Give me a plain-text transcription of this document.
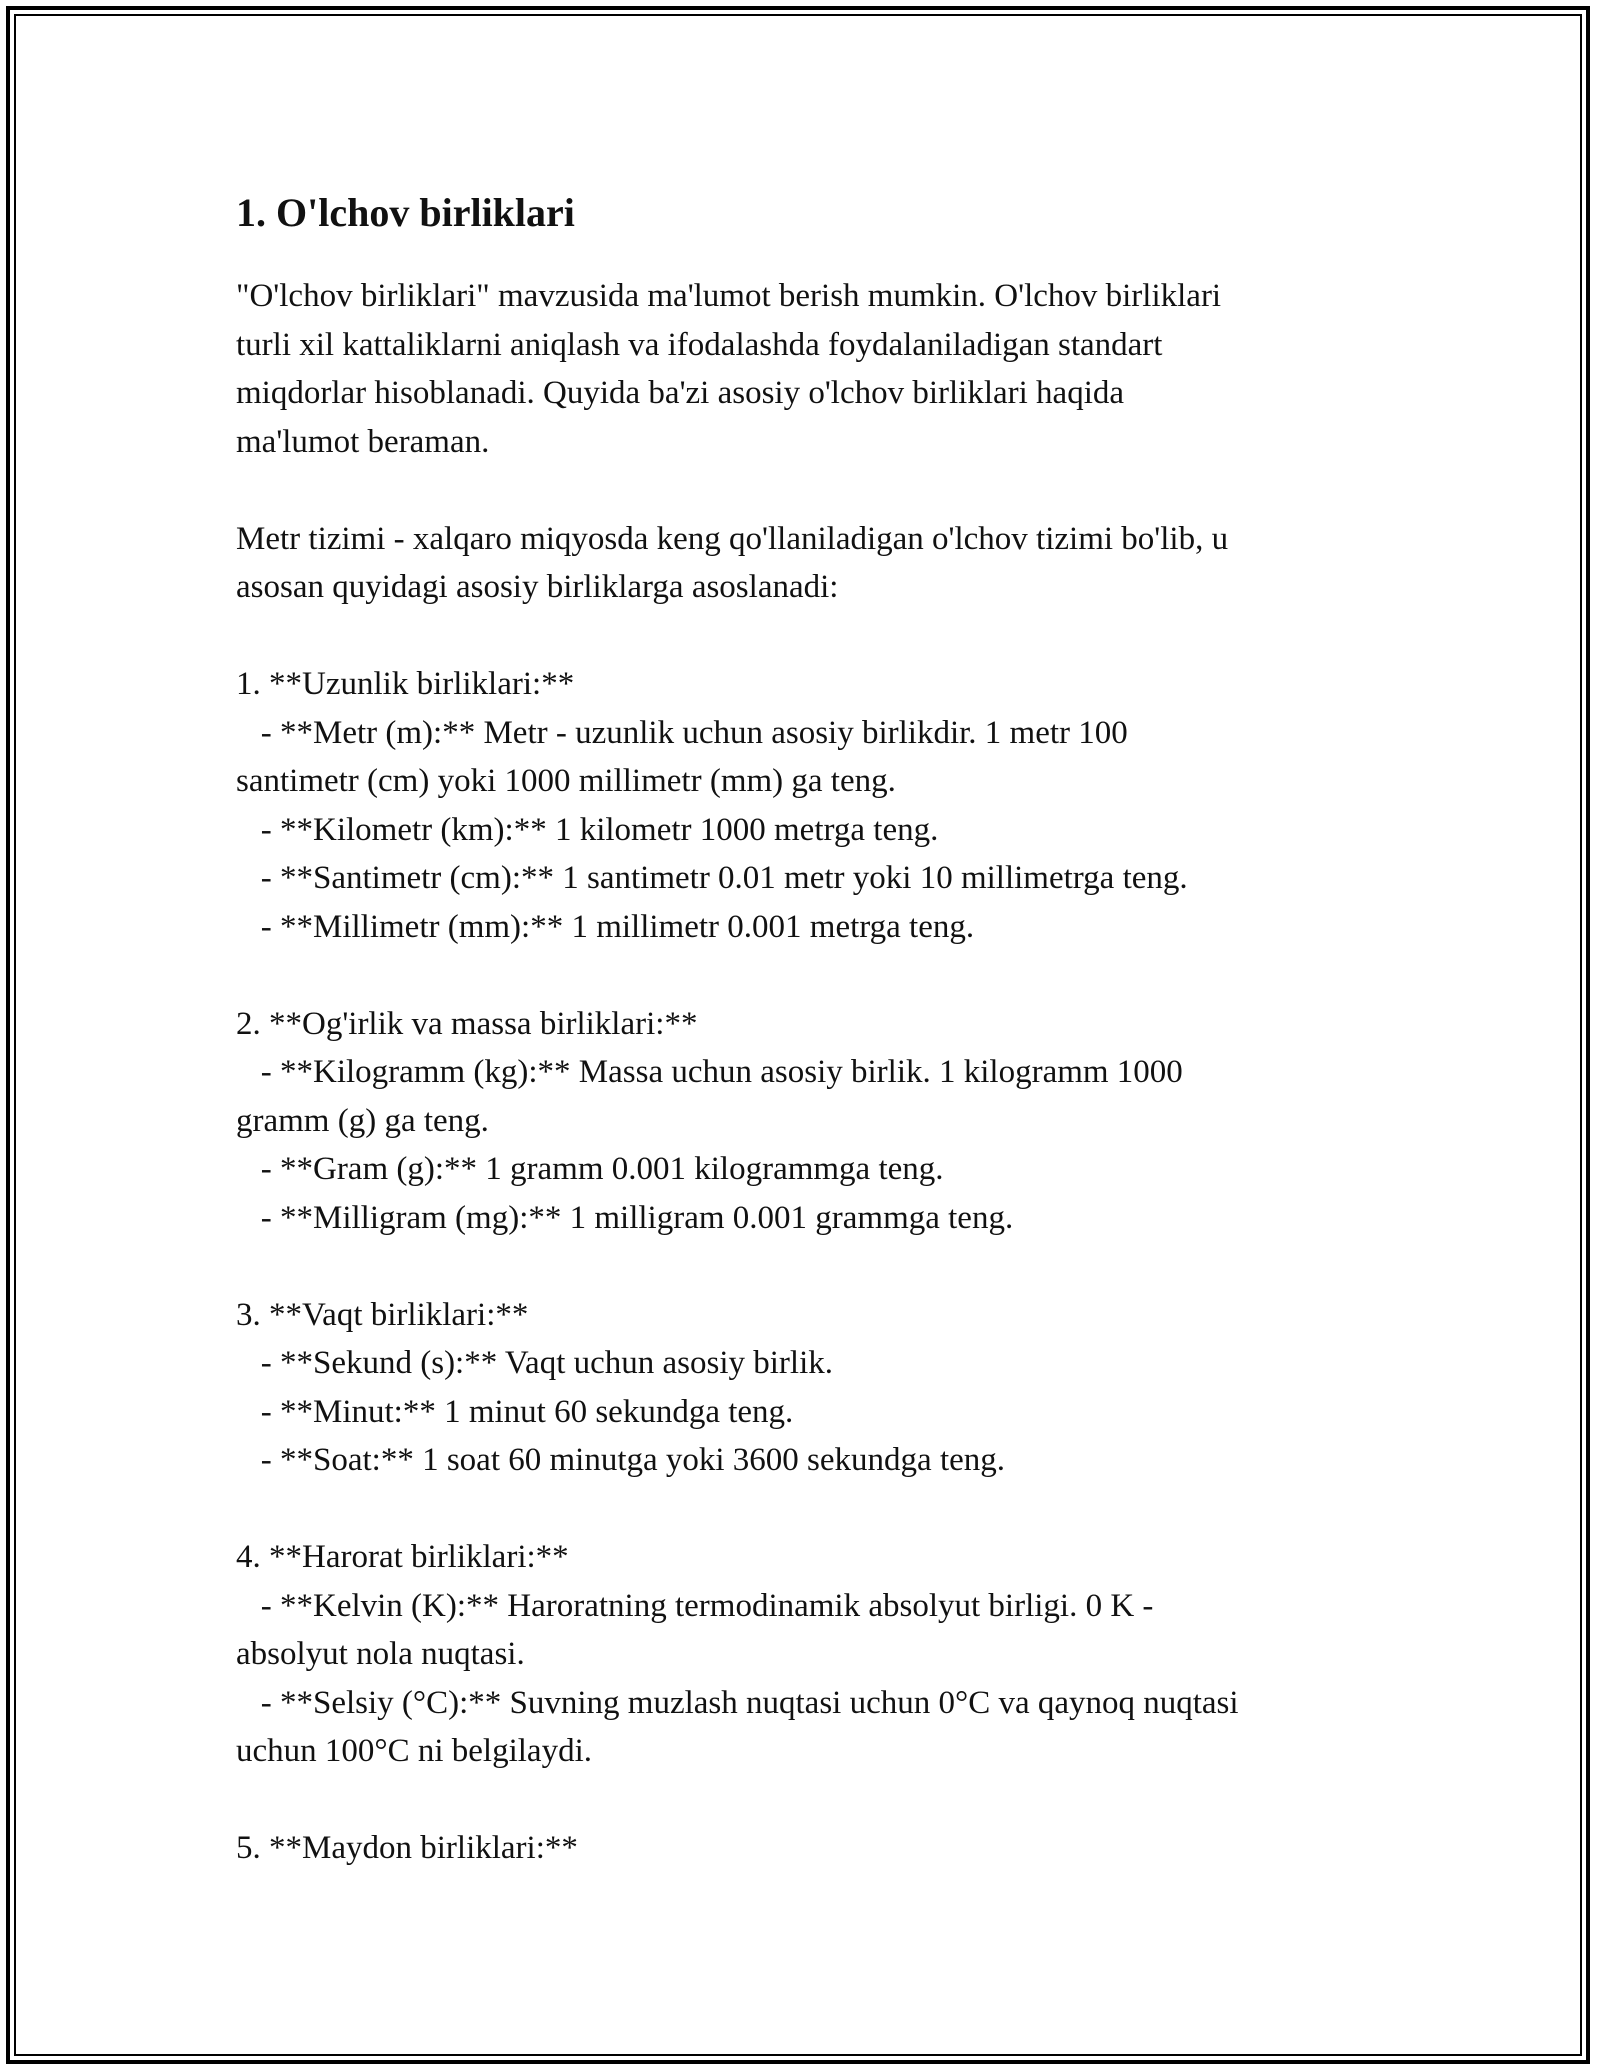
1. O'lchov birliklari

"O'lchov birliklari" mavzusida ma'lumot berish mumkin. O'lchov birliklari
turli xil kattaliklarni aniqlash va ifodalashda foydalaniladigan standart
miqdorlar hisoblanadi. Quyida ba'zi asosiy o'lchov birliklari haqida
ma'lumot beraman.

Metr tizimi - xalqaro miqyosda keng qo'llaniladigan o'lchov tizimi bo'lib, u
asosan quyidagi asosiy birliklarga asoslanadi:

1. **Uzunlik birliklari:**
- **Metr (m):** Metr - uzunlik uchun asosiy birlikdir. 1 metr 100
santimetr (cm) yoki 1000 millimetr (mm) ga teng.
- **Kilometr (km):** 1 kilometr 1000 metrga teng.
- **Santimetr (cm):** 1 santimetr 0.01 metr yoki 10 millimetrga teng.
- **Millimetr (mm):** 1 millimetr 0.001 metrga teng.

2. **Og'irlik va massa birliklari:**
- **Kilogramm (kg):** Massa uchun asosiy birlik. 1 kilogramm 1000
gramm (g) ga teng.
- **Gram (g):** 1 gramm 0.001 kilogrammga teng.
- **Milligram (mg):** 1 milligram 0.001 grammga teng.

3. **Vaqt birliklari:**
- **Sekund (s):** Vaqt uchun asosiy birlik.
- **Minut:** 1 minut 60 sekundga teng.
- **Soat:** 1 soat 60 minutga yoki 3600 sekundga teng.

4. **Harorat birliklari:**
- **Kelvin (K):** Haroratning termodinamik absolyut birligi. 0 K -
absolyut nola nuqtasi.
- **Selsiy (°C):** Suvning muzlash nuqtasi uchun 0°C va qaynoq nuqtasi
uchun 100°C ni belgilaydi.

5. **Maydon birliklari:**
